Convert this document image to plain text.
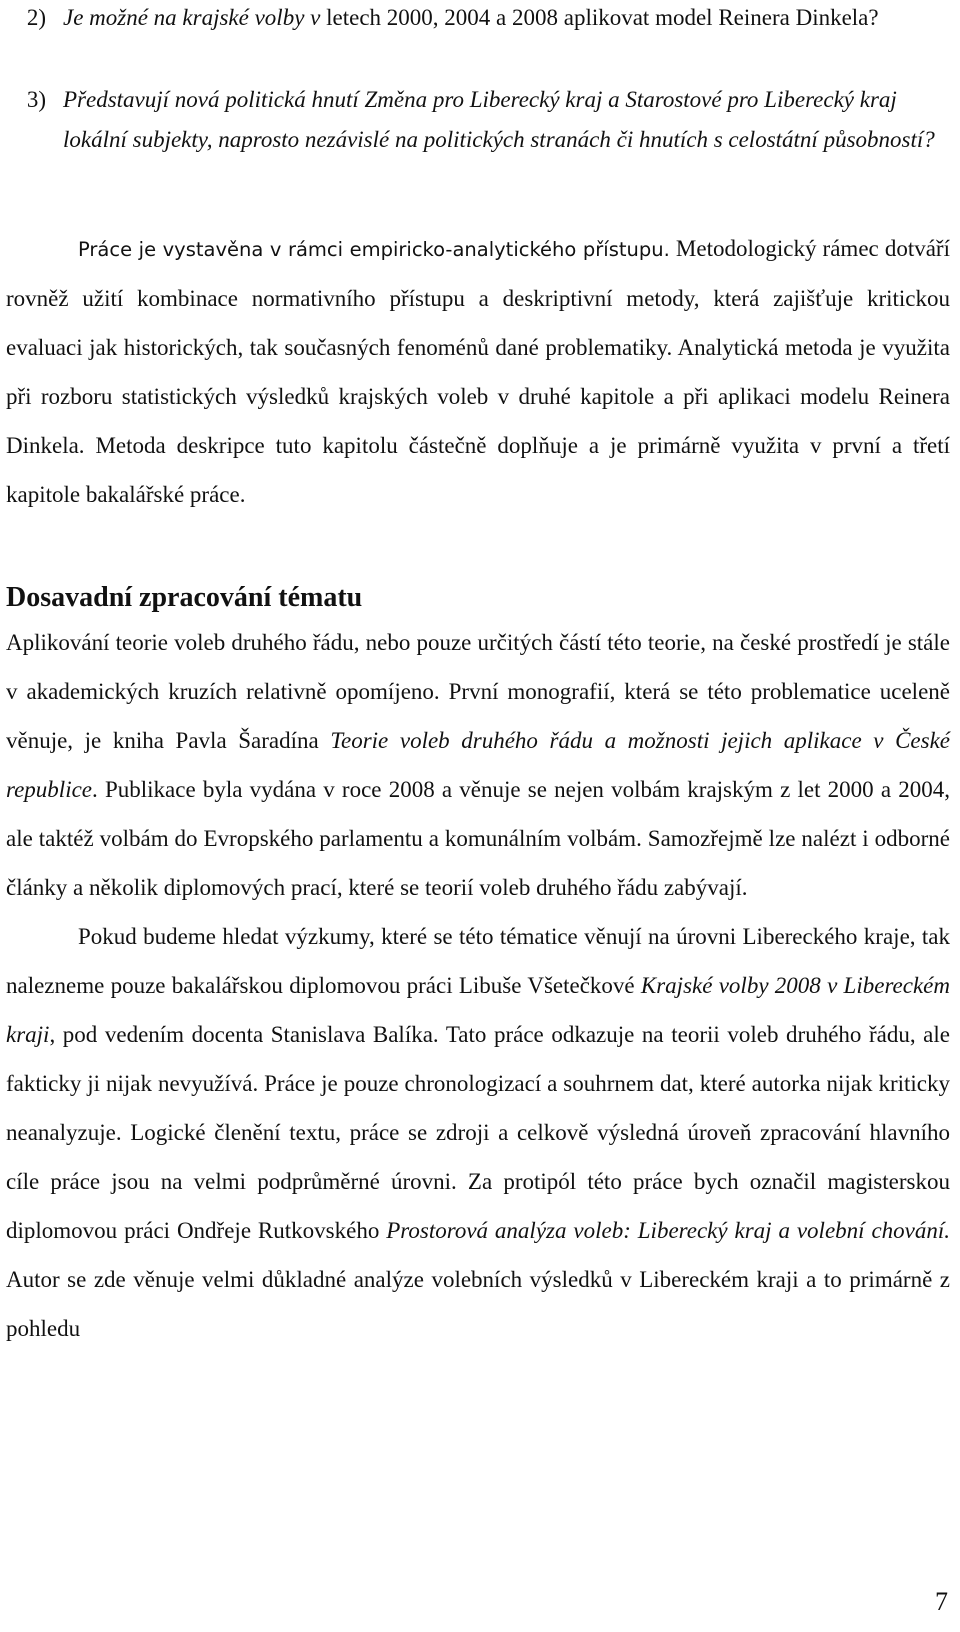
2) Je možné na krajské volby v letech 2000, 2004 a 2008 aplikovat model Reinera Dinkela?
3) Představují nová politická hnutí Změna pro Liberecký kraj a Starostové pro Liberecký kraj lokální subjekty, naprosto nezávislé na politických stranách či hnutích s celostátní působností?

Práce je vystavěna v rámci empiricko-analytického přístupu. Metodologický rámec dotváří rovněž užití kombinace normativního přístupu a deskriptivní metody, která zajišťuje kritickou evaluaci jak historických, tak současných fenoménů dané problematiky. Analytická metoda je využita při rozboru statistických výsledků krajských voleb v druhé kapitole a při aplikaci modelu Reinera Dinkela. Metoda deskripce tuto kapitolu částečně doplňuje a je primárně využita v první a třetí kapitole bakalářské práce.

Dosavadní zpracování tématu

Aplikování teorie voleb druhého řádu, nebo pouze určitých částí této teorie, na české prostředí je stále v akademických kruzích relativně opomíjeno. První monografií, která se této problematice uceleně věnuje, je kniha Pavla Šaradína Teorie voleb druhého řádu a možnosti jejich aplikace v České republice. Publikace byla vydána v roce 2008 a věnuje se nejen volbám krajským z let 2000 a 2004, ale taktéž volbám do Evropského parlamentu a komunálním volbám. Samozřejmě lze nalézt i odborné články a několik diplomových prací, které se teorií voleb druhého řádu zabývají.

Pokud budeme hledat výzkumy, které se této tématice věnují na úrovni Libereckého kraje, tak nalezneme pouze bakalářskou diplomovou práci Libuše Všetečkové Krajské volby 2008 v Libereckém kraji, pod vedením docenta Stanislava Balíka. Tato práce odkazuje na teorii voleb druhého řádu, ale fakticky ji nijak nevyužívá. Práce je pouze chronologizací a souhrnem dat, které autorka nijak kriticky neanalyzuje. Logické členění textu, práce se zdroji a celkově výsledná úroveň zpracování hlavního cíle práce jsou na velmi podprůměrné úrovni. Za protipól této práce bych označil magisterskou diplomovou práci Ondřeje Rutkovského Prostorová analýza voleb: Liberecký kraj a volební chování. Autor se zde věnuje velmi důkladné analýze volebních výsledků v Libereckém kraji a to primárně z pohledu

7
